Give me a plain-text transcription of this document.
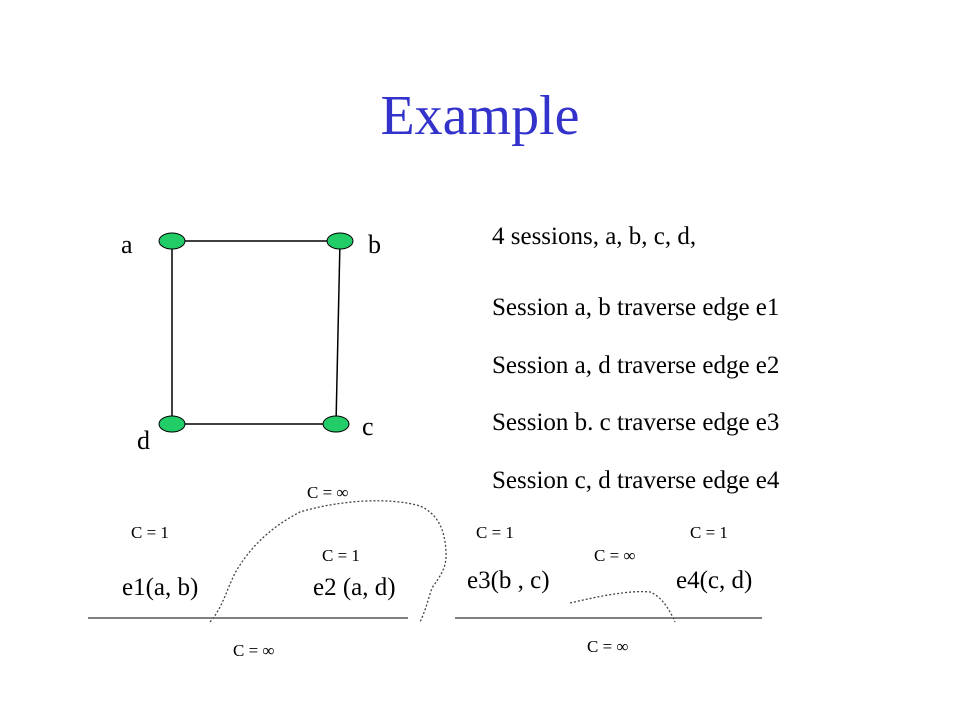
Example
a	b
c
d
4 sessions, a, b, c, d,
Session a, b traverse edge e1
Session a, d traverse edge e2
Session b. c traverse edge e3
Session c, d traverse edge e4
C = ∞
C = 1
C = 1
C = 1	C = 1
C = ∞
C = ∞	C = ∞
e1(a, b)	e2 (a, d)	e3(b , c)	e4(c, d)
